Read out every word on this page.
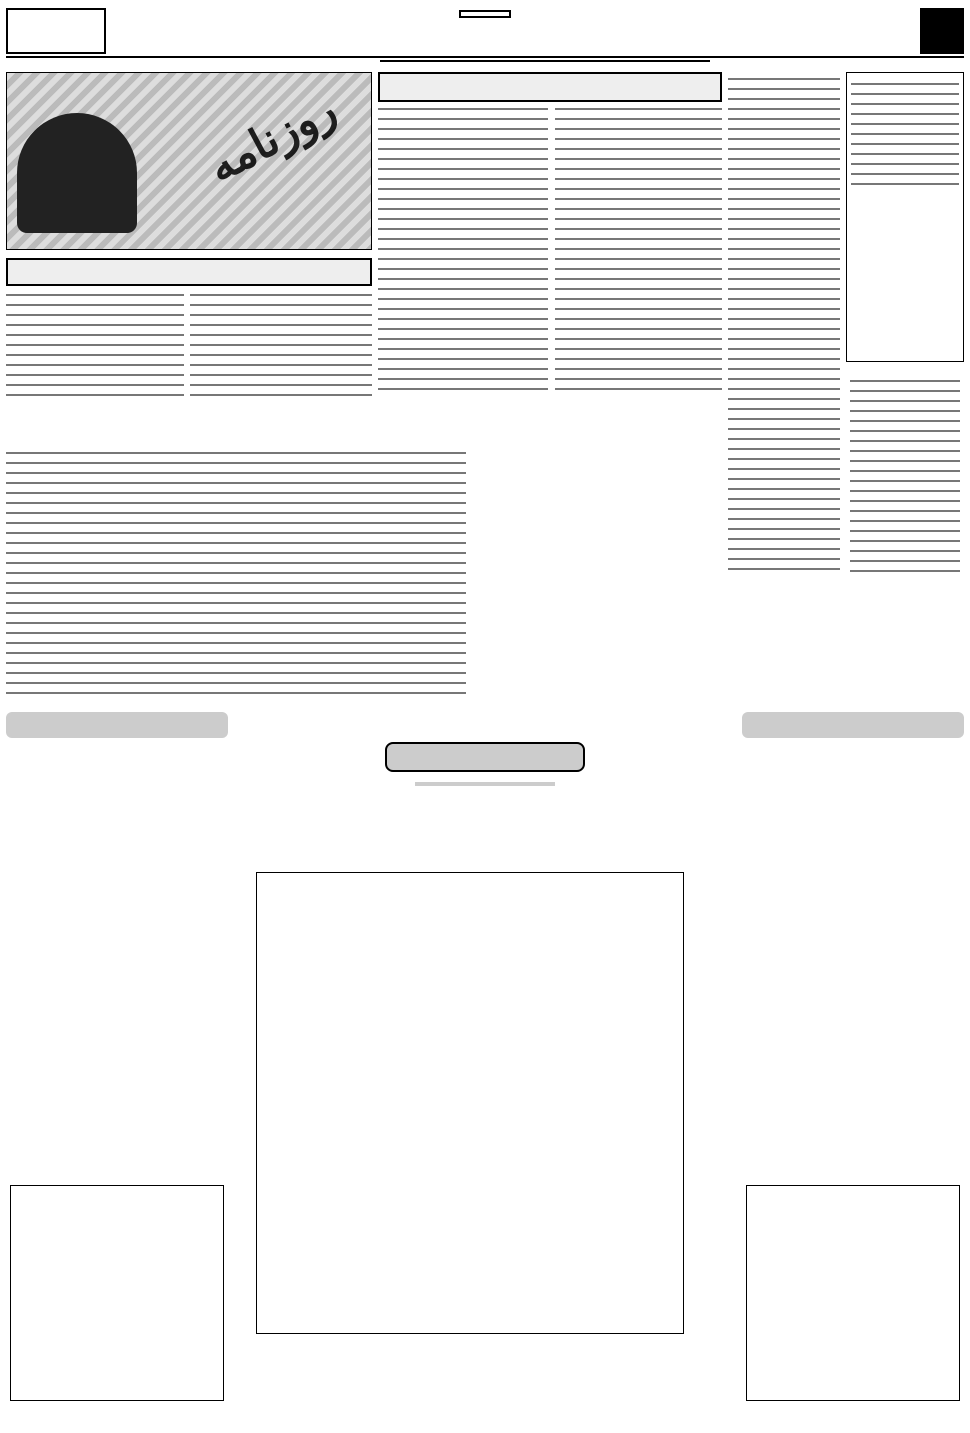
روزنامه
